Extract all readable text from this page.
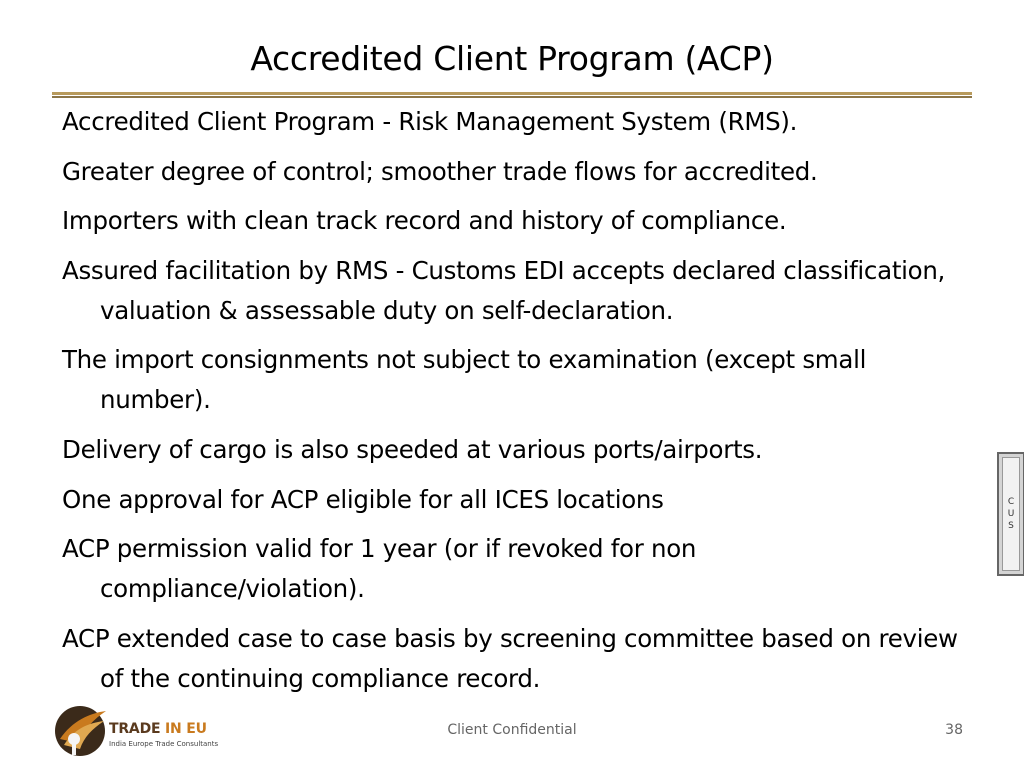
Accredited Client Program (ACP)

Accredited Client Program - Risk Management System (RMS).

Greater degree of control; smoother trade flows for accredited.

Importers with clean track record and history of compliance.

Assured facilitation by RMS - Customs EDI accepts declared classification, valuation & assessable duty on self-declaration.

The import consignments not subject to examination (except small number).

Delivery of cargo is also speeded at various ports/airports.

One approval for ACP eligible for all ICES locations

ACP permission valid for 1 year (or if revoked for non compliance/violation).

ACP extended case to case basis by screening committee based on review of the continuing compliance record.

C
U
S
TRADE IN EU
India Europe Trade Consultants
Client Confidential	38
